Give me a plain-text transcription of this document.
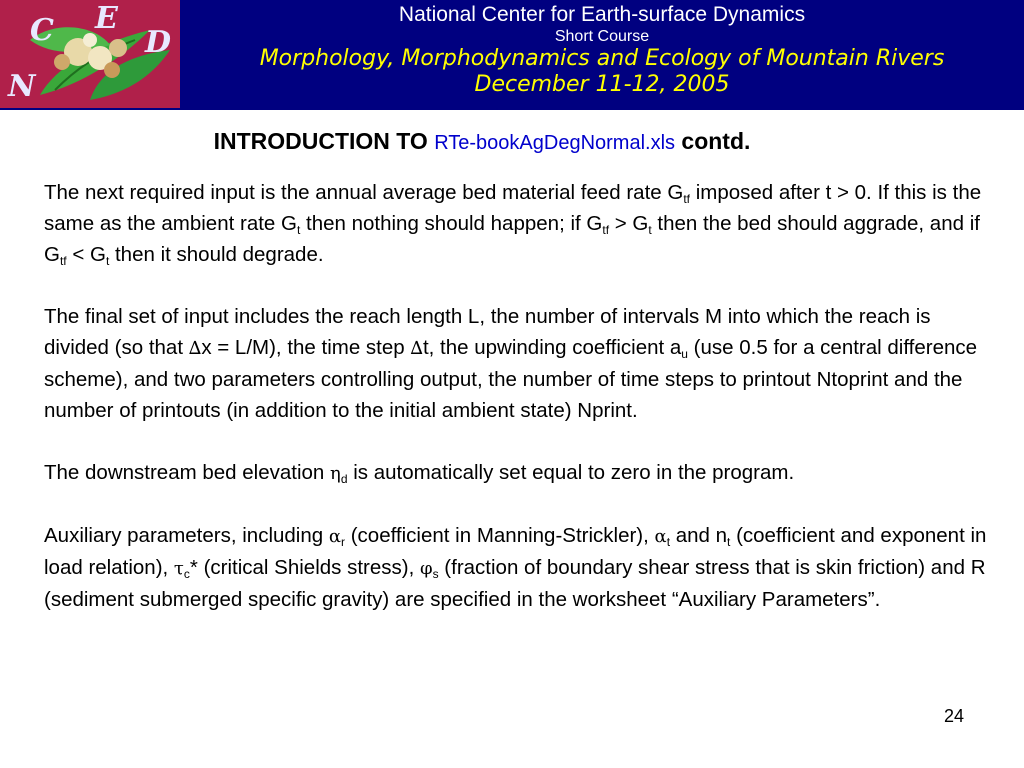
C E
D
N
National Center for Earth-surface Dynamics
Short Course
Morphology, Morphodynamics and Ecology of Mountain Rivers
December 11-12, 2005
INTRODUCTION TO RTe-bookAgDegNormal.xls contd.

The next required input is the annual average bed material feed rate $G_{tf}$ imposed after t > 0. If this is the same as the ambient rate $G_t$ then nothing should happen; if $G_{tf} > G_t$ then the bed should aggrade, and if $G_{tf} < G_t$ then it should degrade.

The final set of input includes the reach length L, the number of intervals M into which the reach is divided (so that ∆x = L/M), the time step ∆t, the upwinding coefficient $a_u$ (use 0.5 for a central difference scheme), and two parameters controlling output, the number of time steps to printout Ntoprint and the number of printouts (in addition to the initial ambient state) Nprint.

The downstream bed elevation $\eta_d$ is automatically set equal to zero in the program.

Auxiliary parameters, including $\alpha_r$ (coefficient in Manning-Strickler), $\alpha_t$ and $n_t$ (coefficient and exponent in load relation), $\tau_c*$ (critical Shields stress), $\varphi_s$ (fraction of boundary shear stress that is skin friction) and R (sediment submerged specific gravity) are specified in the worksheet “Auxiliary Parameters”.

24
